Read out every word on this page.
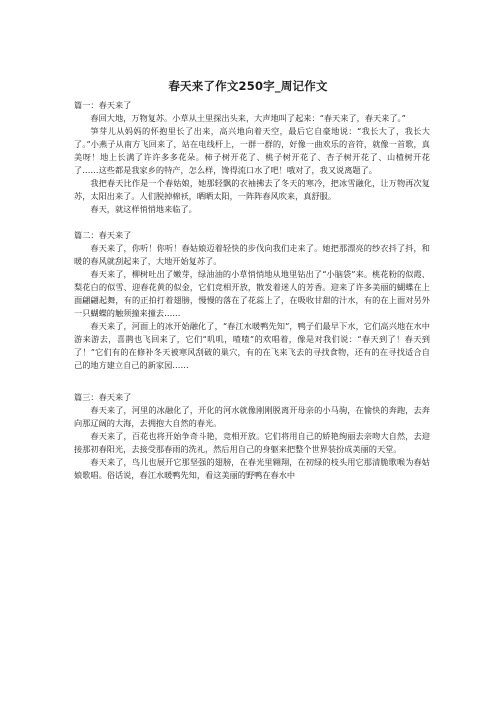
春天来了作文250字_周记作文

篇一：春天来了

春回大地，万物复苏。小草从土里探出头来，大声地叫了起来：“春天来了，春天来了。”

笋芽儿从妈妈的怀抱里长了出来，高兴地向着天空，最后它自豪地说：“我长大了，我长大了。”小燕子从南方飞回来了，站在电线杆上，一群一群的，好像一曲欢乐的音符，就像一首歌，真美呀！地上长满了许许多多花朵。柿子树开花了、桃子树开花了、杏子树开花了、山楂树开花了……这些都是我家乡的特产，怎么样，馋得流口水了吧！哦对了，我又说离题了。

我把春天比作是一个春姑娘，她那轻飘的衣袖拂去了冬天的寒冷，把冰雪融化，让万物再次复苏，太阳出来了。人们脱掉棉袄，晒晒太阳，一阵阵春风吹来，真舒服。

春天，就这样悄悄地来临了。

篇二：春天来了

春天来了，你听！你听！春姑娘迈着轻快的步伐向我们走来了。她把那漂亮的纱衣抖了抖，和暖的春风就刮起来了，大地开始复苏了。

春天来了，柳树吐出了嫩芽，绿油油的小草悄悄地从地里钻出了“小脑袋”来。桃花粉的似霞、梨花白的似雪、迎春花黄的似金，它们竞相开放，散发着迷人的芳香。迎来了许多美丽的蝴蝶在上面翩翩起舞，有的正拍打着翅膀，慢慢的落在了花蕊上了，在吸收甘甜的汁水，有的在上面对另外一只蝴蝶的触须撞来撞去……

春天来了，河面上的冰开始融化了，“春江水暖鸭先知”，鸭子们最早下水，它们高兴地在水中游来游去，喜鹊也飞回来了，它们“叽叽，喳喳”的欢唱着，像是对我们说：“春天到了！春天到了！”它们有的在修补冬天被寒风刮破的巢穴，有的在飞来飞去的寻找食物，还有的在寻找适合自己的地方建立自己的新家园……

篇三：春天来了

春天来了，河里的冰融化了，开化的河水就像刚刚脱离开母亲的小马驹，在愉快的奔跑，去奔向那辽阔的大海，去拥抱大自然的春光。

春天来了，百花也将开始争奇斗艳，竞相开放。它们将用自己的娇艳绚丽去亲吻大自然，去迎接那初春阳光，去接受那春雨的洗礼，然后用自己的身躯来把整个世界装扮成美丽的天堂。

春天来了，鸟儿也展开它那坚强的翅膀，在春光里翱翔，在初绿的枝头用它那清脆歌喉为春姑娘歌唱。俗话说，春江水暖鸭先知，看这美丽的野鸭在春水中
